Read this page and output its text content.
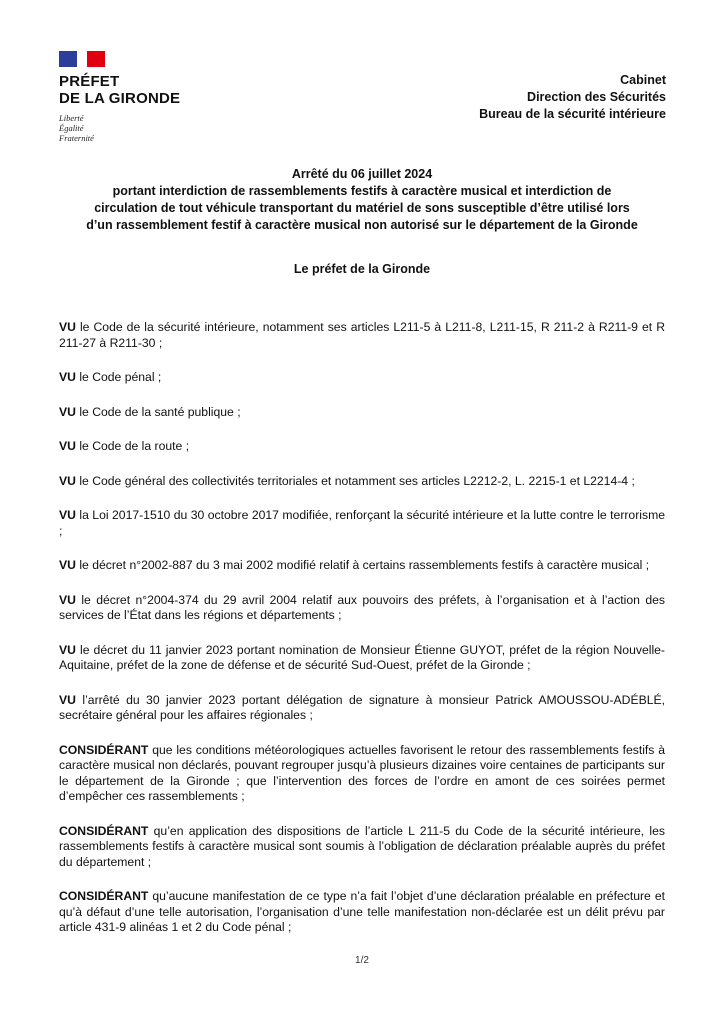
PRÉFET
DE LA GIRONDE
Liberté
Égalité
Fraternité
Cabinet
Direction des Sécurités
Bureau de la sécurité intérieure
Arrêté du 06 juillet 2024
portant interdiction de rassemblements festifs à caractère musical et interdiction de
circulation de tout véhicule transportant du matériel de sons susceptible d’être utilisé lors
d’un rassemblement festif à caractère musical non autorisé sur le département de la Gironde
Le préfet de la Gironde

VU le Code de la sécurité intérieure, notamment ses articles L211-5 à L211-8, L211-15, R 211-2 à R211-9 et R 211-27 à R211-30 ;

VU le Code pénal ;

VU le Code de la santé publique ;

VU le Code de la route ;

VU le Code général des collectivités territoriales et notamment ses articles L2212-2, L. 2215-1 et L2214-4 ;

VU la Loi 2017-1510 du 30 octobre 2017 modifiée, renforçant la sécurité intérieure et la lutte contre le terrorisme ;

VU le décret n°2002-887 du 3 mai 2002 modifié relatif à certains rassemblements festifs à caractère musical ;

VU le décret n°2004-374 du 29 avril 2004 relatif aux pouvoirs des préfets, à l’organisation et à l’action des services de l’État dans les régions et départements ;

VU le décret du 11 janvier 2023 portant nomination de Monsieur Étienne GUYOT, préfet de la région Nouvelle-Aquitaine, préfet de la zone de défense et de sécurité Sud-Ouest, préfet de la Gironde ;

VU l’arrêté du 30 janvier 2023 portant délégation de signature à monsieur Patrick AMOUSSOU-ADÉBLÉ, secrétaire général pour les affaires régionales ;

CONSIDÉRANT que les conditions météorologiques actuelles favorisent le retour des rassemblements festifs à caractère musical non déclarés, pouvant regrouper jusqu’à plusieurs dizaines voire centaines de participants sur le département de la Gironde ; que l’intervention des forces de l’ordre en amont de ces soirées permet d’empêcher ces rassemblements ;

CONSIDÉRANT qu’en application des dispositions de l’article L 211-5 du Code de la sécurité intérieure, les rassemblements festifs à caractère musical sont soumis à l’obligation de déclaration préalable auprès du préfet du département ;

CONSIDÉRANT qu’aucune manifestation de ce type n’a fait l’objet d’une déclaration préalable en préfecture et qu’à défaut d’une telle autorisation, l’organisation d’une telle manifestation non-déclarée est un délit prévu par article 431-9 alinéas 1 et 2 du Code pénal ;

1/2
